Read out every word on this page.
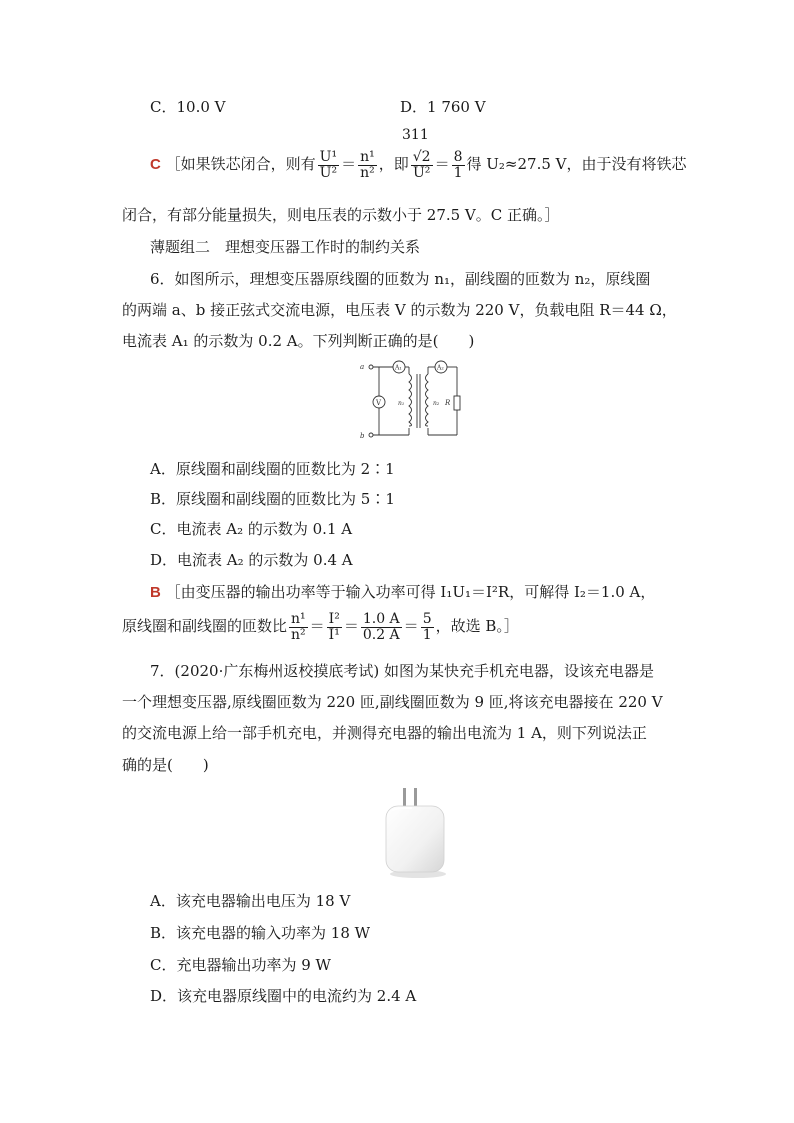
C．10.0 V	D．1 760 V
311
C ［如果铁芯闭合，则有 $\frac{\text{U¹}}{\text{U²}} = \frac{\text{n¹}}{\text{n²}}$ ，即 $\frac{√2}{\text{U²}} = \frac{8}{1}$ 得 U₂≈27.5 V，由于没有将铁芯
闭合，有部分能量损失，则电压表的示数小于 27.5 V。C 正确。］
薄题组二　理想变压器工作时的制约关系
6．如图所示，理想变压器原线圈的匝数为 n₁，副线圈的匝数为 n₂，原线圈
的两端 a、b 接正弦式交流电源，电压表 V 的示数为 220 V，负载电阻 R＝44 Ω，
电流表 A₁ 的示数为 0.2 A。下列判断正确的是(　　)
a
b
V
A₁	A₂
n₁	n₂ R
A．原线圈和副线圈的匝数比为 2∶1
B．原线圈和副线圈的匝数比为 5∶1
C．电流表 A₂ 的示数为 0.1 A
D．电流表 A₂ 的示数为 0.4 A
B ［由变压器的输出功率等于输入功率可得 I₁U₁＝I²R，可解得 I₂＝1.0 A，
原线圈和副线圈的匝数比 $\frac{\text{n¹}}{\text{n²}} = \frac{\text{I²}}{\text{I¹}} = \frac{1.0 A}{0.2 A} = \frac{5}{1}$ ，故选 B。］
7．(2020·广东梅州返校摸底考试) 如图为某快充手机充电器，设该充电器是
一个理想变压器,原线圈匝数为 220 匝,副线圈匝数为 9 匝,将该充电器接在 220 V
的交流电源上给一部手机充电，并测得充电器的输出电流为 1 A，则下列说法正
确的是(　　)
A．该充电器输出电压为 18 V
B．该充电器的输入功率为 18 W
C．充电器输出功率为 9 W
D．该充电器原线圈中的电流约为 2.4 A
